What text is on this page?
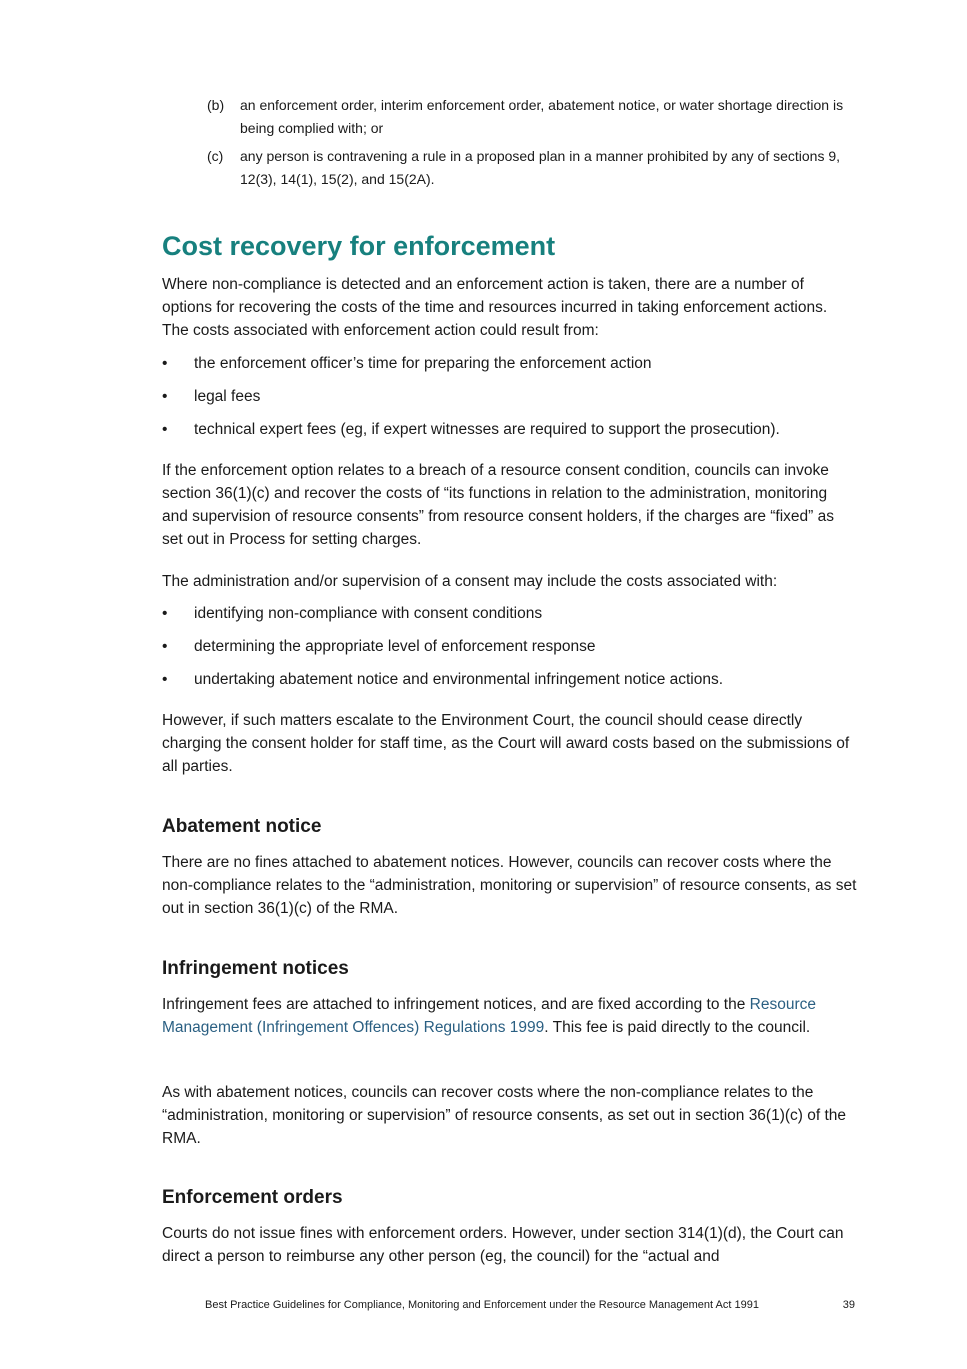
(b)	an enforcement order, interim enforcement order, abatement notice, or water shortage direction is being complied with; or
(c)	any person is contravening a rule in a proposed plan in a manner prohibited by any of sections 9, 12(3), 14(1), 15(2), and 15(2A).
Cost recovery for enforcement

Where non-compliance is detected and an enforcement action is taken, there are a number of options for recovering the costs of the time and resources incurred in taking enforcement actions. The costs associated with enforcement action could result from:

•	the enforcement officer’s time for preparing the enforcement action
•	legal fees
•	technical expert fees (eg, if expert witnesses are required to support the prosecution).

If the enforcement option relates to a breach of a resource consent condition, councils can invoke section 36(1)(c) and recover the costs of “its functions in relation to the administration, monitoring and supervision of resource consents” from resource consent holders, if the charges are “fixed” as set out in Process for setting charges.

The administration and/or supervision of a consent may include the costs associated with:

•	identifying non-compliance with consent conditions
•	determining the appropriate level of enforcement response
•	undertaking abatement notice and environmental infringement notice actions.

However, if such matters escalate to the Environment Court, the council should cease directly charging the consent holder for staff time, as the Court will award costs based on the submissions of all parties.

Abatement notice

There are no fines attached to abatement notices. However, councils can recover costs where the non-compliance relates to the “administration, monitoring or supervision” of resource consents, as set out in section 36(1)(c) of the RMA.

Infringement notices

Infringement fees are attached to infringement notices, and are fixed according to the Resource Management (Infringement Offences) Regulations 1999. This fee is paid directly to the council.

As with abatement notices, councils can recover costs where the non-compliance relates to the “administration, monitoring or supervision” of resource consents, as set out in section 36(1)(c) of the RMA.

Enforcement orders

Courts do not issue fines with enforcement orders. However, under section 314(1)(d), the Court can direct a person to reimburse any other person (eg, the council) for the “actual and

Best Practice Guidelines for Compliance, Monitoring and Enforcement under the Resource Management Act 1991	39
